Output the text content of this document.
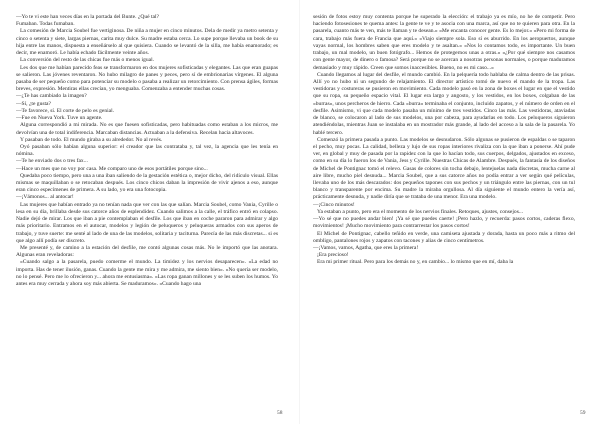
—Yo te vi este han veces días en la portada del Bunte. ¿Qué tal?

Fumaban. Todas fumaban.

La comesión de Marcia Soubel fue vertiginosa. De niña a mujer en cinco minutos. Dela de medir ya metro setenta y cinco o setenta y siete, largas piernas, carita muy dulce. Su madre estaba cerca. Lo supe porque llevaba un book de su hija entre las manos, dispuesta a enseñárselo al que quisiera. Cuando se levantó de la silla, me había enamorado; es decir, me enamoró. Le había echado fácilmente veinte años.

La conversión del resto de las chicas fue más o menos igual.

Les dos que me habían parecido feas se transformaron en dos mujeres sofisticadas y elegantes. Las que eran guapas se salieron. Las jóvenes reventaron. No hubo milagro de panes y peces, pero sí de embrionarias vírgenes. El alguna pasaba de ser pequeño como para potenciar su modelo o pasaba a realizar un retorcimiento. Con prensa ágiles, formas breves, expresión. Mentiras ellas crecían, yo menguaba. Comenzaba a entender muchas cosas.

—¿Te has cambiado la imagen?

—Sí, ¿te gusta?

—Te favorece, sí. El corte de pelo es genial.

—Fue en Nueva York. Tuve un agente.

Alguna correspondió a mi mirada. No es que fuesen sofisticadas, pero habituadas como estaban a los micros, me devolvían una de total indiferencia. Marcaban distancias. Actuaban a la defensiva. Recelan hacia altavoces.

Y pasaban de todo. El mundo giraba a su alrededor. No al revés.

Oyó pasaban sólo habían alguna superior: el creador que las contrataba y, tal vez, la agencia que les tenía en nómina.

—Te he enviado dos o tres fax...

—Hace un mes que no voy por casa. Me comparo uno de esos portátiles porque sino...

Quedaba poco tiempo, pero una a una iban saliendo de la gestación estética o, mejor dicho, del ridículo visual. Ellas mismas se maquillaban o se retocaban después. Los cinco chicos daban la impresión de vivir ajenos a eso, aunque eran cinco especímenes de primera. A su lado, yo era una fotocopia.

—¡Vámonos... al antocar!

Las mujeres que habían entrado ya no tenían nada que ver con las que salían. Marcia Soubel, como Vania, Cyrille o lesa en su día, brillaba desde sus catorce años de esplendidez. Cuando salimos a la calle, el tráfico entró en colapso. Nadie dejó de mirar. Los que iban a pie contemplaban el desfile. Los que iban en coche pararon para admirar y algo más prioritario. Entramos en el autocar, modelos y legión de peluqueros y peluqueras armados con sus aperos de trabajo, y tuve suerte: me senté al lado de una de las modelos, solitaria y taciturna. Parecía de las más discretas... si es que algo allí podía ser discreto.

Me presenté y, de camino a la estación del desfile, me contó algunas cosas más. No le importó que las anotara. Algunas eran reveladoras:

«Cuando salgo a la pasarela, puedo comerme el mundo. La timidez y los nervios desaparecen». «La edad no importa. Has de tener ilusión, ganas. Cuando la gente me mira y me admira, me siento bien». «No quería ser modelo, no lo pensé. Pero me lo ofrecieron y... ahora me entusiasma». «Las ropa ganan millones y se les suben los humos. Yo antes era muy cerrada y ahora soy más abierta. Se maduramos». «Cuando hago una

58

sesión de fotos estoy muy contenta porque he superado la elección: el trabajo ya es mío, no he de competir. Pero haciendo fotosesiones te quema antes: la gente te ve y te asocia con una marca, así que no te quieren para otra. En la pasarela, cuanto más te ven, más te llaman y te desean.» «Me encanta conocer gente. Es lo mejor.» «Pero mi forma de cara, trabajo más fuera de Francia que aquí.» «Viajo siempre sola. Eso sí es aburrido. En los aeropuertos, aunque vayas normal, los hombres saben que eres modelo y te asaltan.» «Nos lo contamos todo, es importante. Un buen trabajo, un mal modelo, un buen fotógrafo... Hemos de protegernos unas a otras.» «¿Por qué siempre nos casamos con gente mayor, de dinero o famosa? Será porque no se acercan a nosotras personas normales, o porque maduramos demasiado y muy rápido. Creen que somos inaccesibles. Bueno, no es mi caso...»

Cuando llegamos al lugar del desfile, el mundo cambió. En la pelquería todo hablaba de calma dentro de las prisas. Allí yo no hubo ni un segundo de relajamiento. El director artístico tomó de nuevo el mando de la tropa. Las vestidoras y costureras se pusieron en movimiento. Cada modelo pasó en la zona de boxes el lugar en que el vestido que su ropa, su pequeño espacio vital. El lugar era largo y angosto, y los vestidos, en los boxes, colgaban de las «burras», unos percheros de hierro. Cada «burra» terminaba el conjunto, incluido zapatos, y el número de orden en el desfile. Asimismo, vi que cada modelo pasaba un mínimo de tres vestidos. Cinco las más. Las vestidoras, ataviadas de blanco, se colocaron al lado de sus modelos, una por cabeza, para ayudarlas en todo. Los peluqueros siguieron atendiéndolas, mientras Juan se instalaba en un mostrador más grande, al lado del acceso a la sala de la pasarela. Yo hablé tercero.

Comenzó la primera pasada a punto. Las modelos se desnudaron. Sólo algunas se pusieron de espaldas o se taparon el pecho, muy pocas. La calidad, belleza y lujo de sus ropas interiores rivaliza con la que iban a ponerse. Ahí pude ver, en global y muy de pasada por la rapidez con la que lo hacían todo, sus cuerpos, delgados, ajustados en exceso, como en su día lo fueron los de Vania, Jess y Cyrille. Nuestras Chicas de Alambre. Después, la fantasía de los diseños de Michel de Pontignac tomó el relevo. Gasas de colores sin tocha debajo, lentejuelas nada discretas, mucha carne al aire libre, mucho piel desnuda... Marcia Soubel, que a sus catorce años no podía entrar a ver según qué películas, llevaba uno de los más descarados: dos pequeños tapones con sus pechos y un triángulo entre las piernas, con un tul blanco y transparente por encima. Su madre la miraba orgullosa. Al día siguiente el mundo entero la vería así, prácticamente desnuda, y nadie diría que se trataba de una menor. Era una modelo.

—¡Cinco minutos!

Ya estaban a punto, pero era el momento de los nervios finales. Retoques, ajustes, consejos...

—Yo sé que no puedes andar bien! ¡Ya sé que puedes caerte! ¡Pero hazlo, y recuerda: pasos cortos, caderas flexo, movimientos! ¡Mucho movimiento para contrarrestar los pasos cortos!

El Michel de Pontignac, cabello teñido en verde, una camiseta ajustada y dorada, hasta un poco más a ritmo del ombligo, pantalones rojos y zapatos con tacones y alias de cinco centímetros.

—¡Vamos, vamos, Agatha, que eres la primera!

¡Era precioso!

Era mi primer ritual. Pero para los demás no y, en cambio... lo mismo que en mí, daba la

59
